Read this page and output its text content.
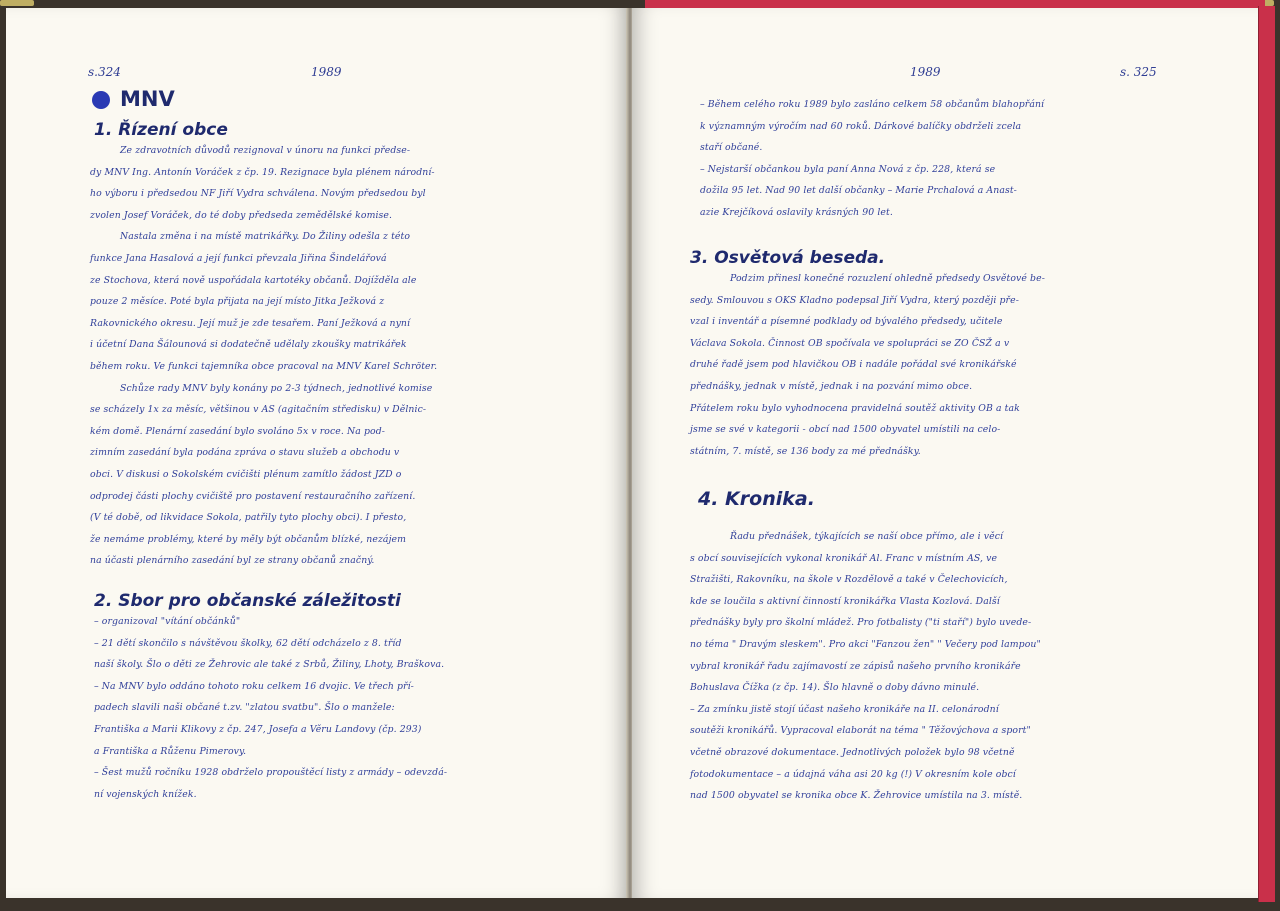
s.324	1989
MNV
1. Řízení obce
Ze zdravotních důvodů rezignoval v únoru na funkci předse-
dy MNV Ing. Antonín Voráček z čp. 19. Rezignace byla plénem národní-
ho výboru i předsedou NF Jiří Vydra schválena. Novým předsedou byl
zvolen Josef Voráček, do té doby předseda zemědělské komise.
Nastala změna i na místě matrikářky. Do Žiliny odešla z této
funkce Jana Hasalová a její funkci převzala Jiřina Šindelářová
ze Stochova, která nově uspořádala kartotéky občanů. Dojížděla ale
pouze 2 měsíce. Poté byla přijata na její místo Jitka Ježková z
Rakovnického okresu. Její muž je zde tesařem. Paní Ježková a nyní
i účetní Dana Šálounová si dodatečně udělaly zkoušky matrikářek
během roku. Ve funkci tajemníka obce pracoval na MNV Karel Schröter.
Schůze rady MNV byly konány po 2-3 týdnech, jednotlivé komise
se scházely 1x za měsíc, většinou v AS (agitačním středisku) v Dělnic-
kém domě. Plenární zasedání bylo svoláno 5x v roce. Na pod-
zimním zasedání byla podána zpráva o stavu služeb a obchodu v
obci. V diskusi o Sokolském cvičišti plénum zamítlo žádost JZD o
odprodej části plochy cvičiště pro postavení restauračního zařízení.
(V té době, od likvidace Sokola, patřily tyto plochy obci). I přesto,
že nemáme problémy, které by měly být občanům blízké, nezájem
na účasti plenárního zasedání byl ze strany občanů značný.
2. Sbor pro občanské záležitosti
– organizoval "vítání občánků"
– 21 dětí skončilo s návštěvou školky, 62 dětí odcházelo z 8. tříd
naší školy. Šlo o děti ze Žehrovic ale také z Srbů, Žiliny, Lhoty, Braškova.
– Na MNV bylo oddáno tohoto roku celkem 16 dvojic. Ve třech pří-
padech slavili naši občané t.zv. "zlatou svatbu". Šlo o manžele:
Františka a Marii Klikovy z čp. 247, Josefa a Věru Landovy (čp. 293)
a Františka a Růženu Pimerovy.
– Šest mužů ročníku 1928 obdrželo propouštěcí listy z armády – odevzdá-
ní vojenských knížek.
1989	s. 325
– Během celého roku 1989 bylo zasláno celkem 58 občanům blahopřání
k významným výročím nad 60 roků. Dárkové balíčky obdrželi zcela
staří občané.
– Nejstarší občankou byla paní Anna Nová z čp. 228, která se
dožila 95 let. Nad 90 let další občanky – Marie Prchalová a Anast-
azie Krejčíková oslavily krásných 90 let.
3. Osvětová beseda.
Podzim přinesl konečné rozuzlení ohledně předsedy Osvětové be-
sedy. Smlouvou s OKS Kladno podepsal Jiří Vydra, který později pře-
vzal i inventář a písemné podklady od bývalého předsedy, učitele
Václava Sokola. Činnost OB spočívala ve spolupráci se ZO ČSŽ a v
druhé řadě jsem pod hlavičkou OB i nadále pořádal své kronikářské
přednášky, jednak v místě, jednak i na pozvání mimo obce.
Přátelem roku bylo vyhodnocena pravidelná soutěž aktivity OB a tak
jsme se své v kategorii - obcí nad 1500 obyvatel umístili na celo-
státním, 7. místě, se 136 body za mé přednášky.
4. Kronika.
Řadu přednášek, týkajících se naší obce přímo, ale i věcí
s obcí souvisejících vykonal kronikář Al. Franc v místním AS, ve
Stražišti, Rakovníku, na škole v Rozdělově a také v Čelechovicích,
kde se loučila s aktivní činností kronikářka Vlasta Kozlová. Další
přednášky byly pro školní mládež. Pro fotbalisty ("ti staří") bylo uvede-
no téma " Dravým sleskem". Pro akci "Fanzou žen" " Večery pod lampou"
vybral kronikář řadu zajímavostí ze zápisů našeho prvního kronikáře
Bohuslava Čížka (z čp. 14). Šlo hlavně o doby dávno minulé.
– Za zmínku jistě stojí účast našeho kronikáře na II. celonárodní
soutěži kronikářů. Vypracoval elaborát na téma " Těžovýchova a sport"
včetně obrazové dokumentace. Jednotlivých položek bylo 98 včetně
fotodokumentace – a údajná váha asi 20 kg (!) V okresním kole obcí
nad 1500 obyvatel se kronika obce K. Žehrovice umístila na 3. místě.
